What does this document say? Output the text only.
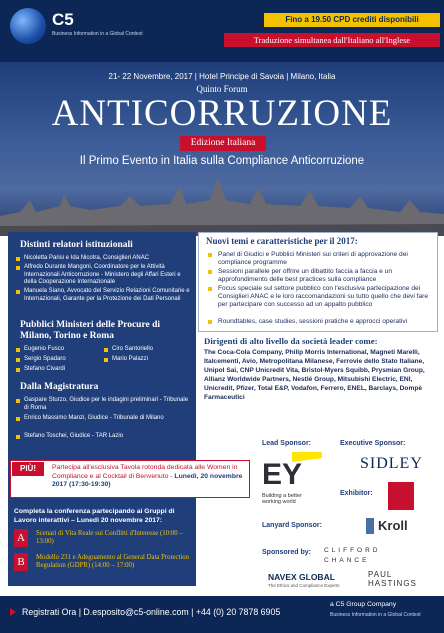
C5
Business Information in a Global Context
Fino a 19.50 CPD crediti disponibili
Traduzione simultanea dall'Italiano all'Inglese
21- 22 Novembre, 2017 | Hotel Principe di Savoia | Milano, Italia
Quinto Forum
ANTICORRUZIONE
Edizione Italiana
Il Primo Evento in Italia sulla Compliance Anticorruzione
Distinti relatori istituzionali
Nicoletta Parisi e Ida Nicotra, Consiglieri ANAC
Alfredo Durante Mangoni, Coordinatore per le Attività Internazionali Anticorruzione - Ministero degli Affari Esteri e della Cooperazione Internazionale
Manuela Siano, Avvocato del Servizio Relazioni Comunitarie e Internazionali, Garante per la Protezione dei Dati Personali
Pubblici Ministeri delle Procure di Milano, Torino e Roma
Eugenio Fusco
Sergio Spadaro
Stefano Civardi
Ciro Santoriello
Mario Palazzi
Dalla Magistratura
Gaspare Sturzo, Giudice per le indagini preliminari - Tribunale di Roma
Enrico Massimo Manzi, Giudice - Tribunale di Milano
Stefano Toschei, Giudice - TAR Lazio
Nuovi temi e caratteristiche per il 2017:
Panel di Giudici e Pubblici Ministeri sui criteri di approvazione dei compliance programme
Sessioni parallele per offrire un dibattito faccia a faccia e un approfondimento delle best practices sulla compliance
Focus speciale sul settore pubblico con l'esclusiva partecipazione dei Consiglieri ANAC e le loro raccomandazioni su tutto quello che devi fare per partecipare con successo ad un appalto pubblico
Roundtables, case studies, sessioni pratiche e approcci operativi
Dirigenti di alto livello da società leader come:
The Coca-Cola Company, Philip Morris International, Magneti Marelli, Italcementi, Avio, Metropolitana Milanese, Ferrovie dello Stato Italiane, Unipol Sai, CNP Unicredit Vita, Bristol-Myers Squibb, Prysmian Group, Allianz Worldwide Partners, Nestlé Group, Mitsubishi Electric, ENI, Unicredit, Pfizer, Total E&P, Vodafon, Ferrero, ENEL, Barclays, Dompè Farmaceutici
PIÙ!	Partecipa all'esclusiva Tavola rotonda dedicata alle Women in Compliance e al Cocktail di Benvenuto - Lunedì, 20 novembre 2017 (17:30-19:30)
Completa la conferenza partecipando ai Gruppi di Lavoro interattivi – Lunedì 20 novembre 2017:
A	Scenari di Vita Reale sui Conflitti d'Interesse (10:00 – 13:00)
B	Modello 231 e Adeguamento al General Data Protection Regulation (GDPR) (14:00 – 17:00)
Lead Sponsor:	Executive Sponsor:
EY
Building a better working world
SIDLEY
Exhibitor:
Lanyard Sponsor:	Kroll
Sponsored by: CLIFFORD CHANCE
NAVEX GLOBAL
The Ethics and Compliance Experts
PAUL HASTINGS
Registrati Ora | D.esposito@c5-online.com | +44 (0) 20 7878 6905
a C5 Group Company
Business Information in a Global Context
